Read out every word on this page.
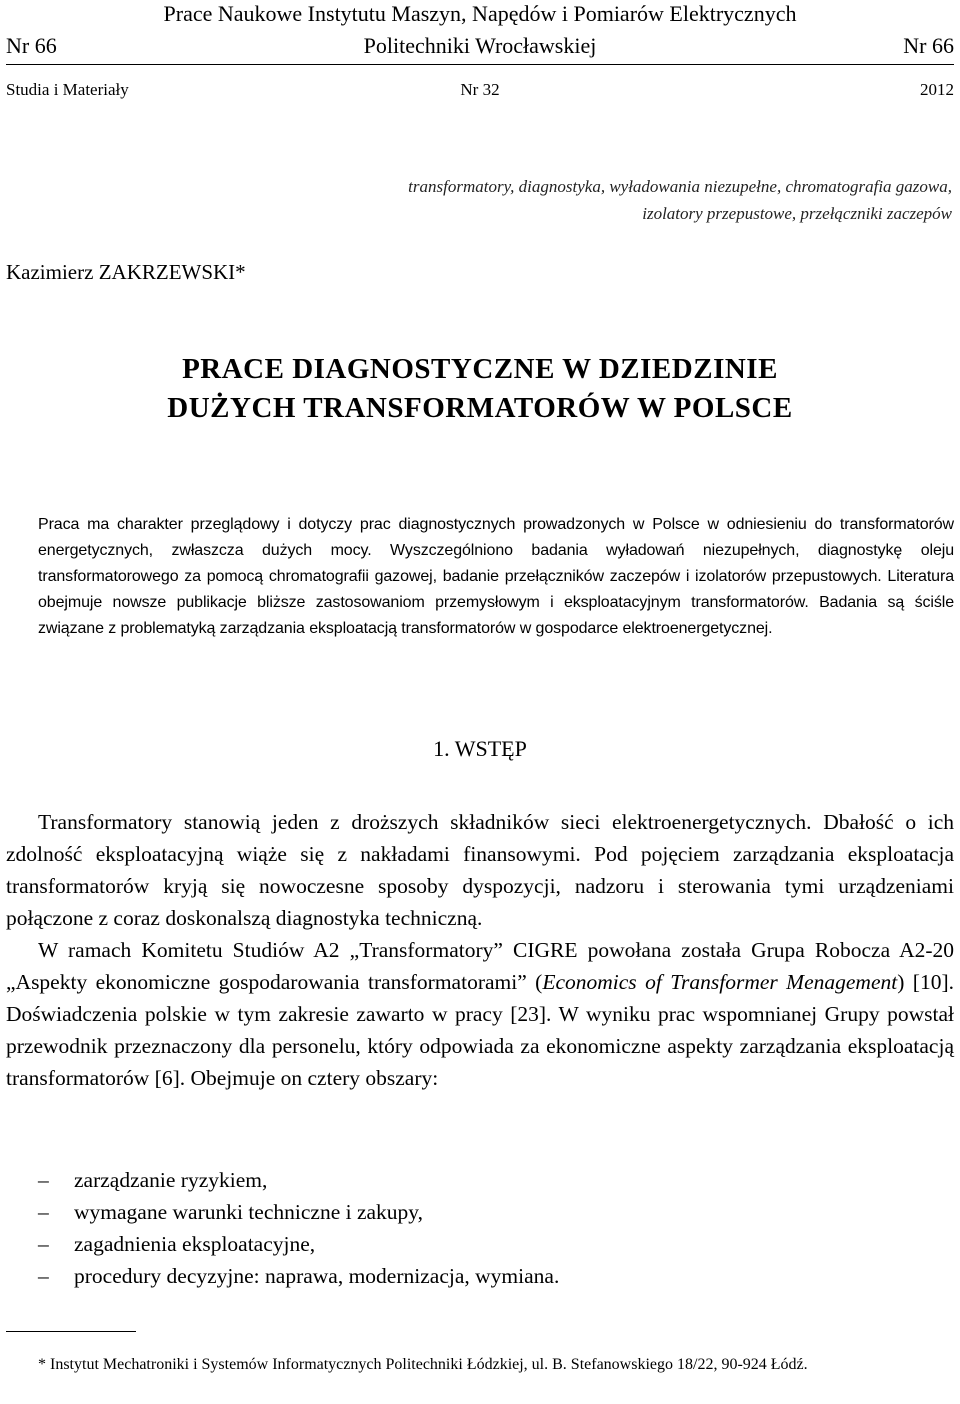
Prace Naukowe Instytutu Maszyn, Napędów i Pomiarów Elektrycznych
Nr 66	Politechniki Wrocławskiej	Nr 66
Studia i Materiały	Nr 32	2012
transformatory, diagnostyka, wyładowania niezupełne, chromatografia gazowa,
izolatory przepustowe, przełączniki zaczepów
Kazimierz ZAKRZEWSKI*
PRACE DIAGNOSTYCZNE W DZIEDZINIE
DUŻYCH TRANSFORMATORÓW W POLSCE

Praca ma charakter przeglądowy i dotyczy prac diagnostycznych prowadzonych w Polsce w odniesieniu do transformatorów energetycznych, zwłaszcza dużych mocy. Wyszczególniono badania wyładowań niezupełnych, diagnostykę oleju transformatorowego za pomocą chromatografii gazowej, badanie przełączników zaczepów i izolatorów przepustowych. Literatura obejmuje nowsze publikacje bliższe zastosowaniom przemysłowym i eksploatacyjnym transformatorów. Badania są ściśle związane z problematyką zarządzania eksploatacją transformatorów w gospodarce elektroenergetycznej.

1. WSTĘP

Transformatory stanowią jeden z droższych składników sieci elektroenergetycznych. Dbałość o ich zdolność eksploatacyjną wiąże się z nakładami finansowymi. Pod pojęciem zarządzania eksploatacja transformatorów kryją się nowoczesne sposoby dyspozycji, nadzoru i sterowania tymi urządzeniami połączone z coraz doskonalszą diagnostyka techniczną.

W ramach Komitetu Studiów A2 „Transformatory” CIGRE powołana została Grupa Robocza A2-20 „Aspekty ekonomiczne gospodarowania transformatorami” (Economics of Transformer Menagement) [10]. Doświadczenia polskie w tym zakresie zawarto w pracy [23]. W wyniku prac wspomnianej Grupy powstał przewodnik przeznaczony dla personelu, który odpowiada za ekonomiczne aspekty zarządzania eksploatacją transformatorów [6]. Obejmuje on cztery obszary:

– zarządzanie ryzykiem,
– wymagane warunki techniczne i zakupy,
– zagadnienia eksploatacyjne,
– procedury decyzyjne: naprawa, modernizacja, wymiana.

* Instytut Mechatroniki i Systemów Informatycznych Politechniki Łódzkiej, ul. B. Stefanowskiego 18/22, 90-924 Łódź.
